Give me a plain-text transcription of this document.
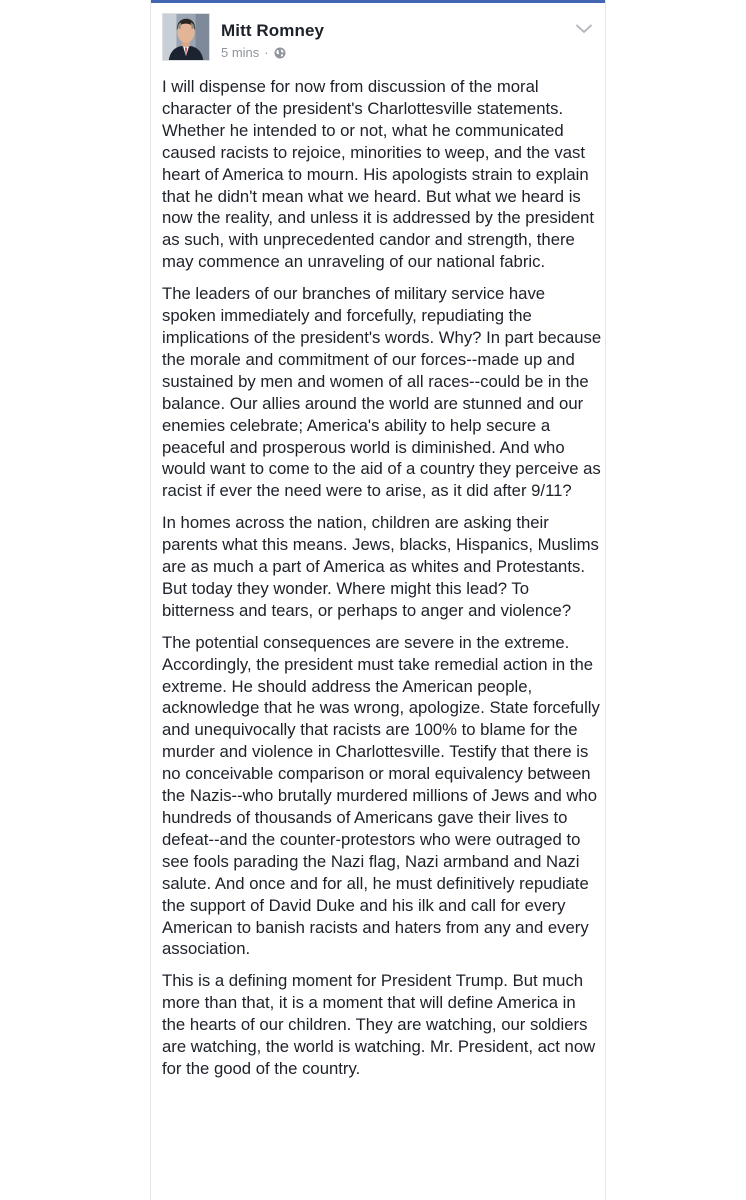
Mitt Romney
5 mins ·

I will dispense for now from discussion of the moral character of the president's Charlottesville statements. Whether he intended to or not, what he communicated caused racists to rejoice, minorities to weep, and the vast heart of America to mourn. His apologists strain to explain that he didn't mean what we heard. But what we heard is now the reality, and unless it is addressed by the president as such, with unprecedented candor and strength, there may commence an unraveling of our national fabric.

The leaders of our branches of military service have spoken immediately and forcefully, repudiating the implications of the president's words. Why? In part because the morale and commitment of our forces--made up and sustained by men and women of all races--could be in the balance. Our allies around the world are stunned and our enemies celebrate; America's ability to help secure a peaceful and prosperous world is diminished. And who would want to come to the aid of a country they perceive as racist if ever the need were to arise, as it did after 9/11?

In homes across the nation, children are asking their parents what this means. Jews, blacks, Hispanics, Muslims are as much a part of America as whites and Protestants. But today they wonder. Where might this lead? To bitterness and tears, or perhaps to anger and violence?

The potential consequences are severe in the extreme. Accordingly, the president must take remedial action in the extreme. He should address the American people, acknowledge that he was wrong, apologize. State forcefully and unequivocally that racists are 100% to blame for the murder and violence in Charlottesville. Testify that there is no conceivable comparison or moral equivalency between the Nazis--who brutally murdered millions of Jews and who hundreds of thousands of Americans gave their lives to defeat--and the counter-protestors who were outraged to see fools parading the Nazi flag, Nazi armband and Nazi salute. And once and for all, he must definitively repudiate the support of David Duke and his ilk and call for every American to banish racists and haters from any and every association.

This is a defining moment for President Trump. But much more than that, it is a moment that will define America in the hearts of our children. They are watching, our soldiers are watching, the world is watching. Mr. President, act now for the good of the country.
